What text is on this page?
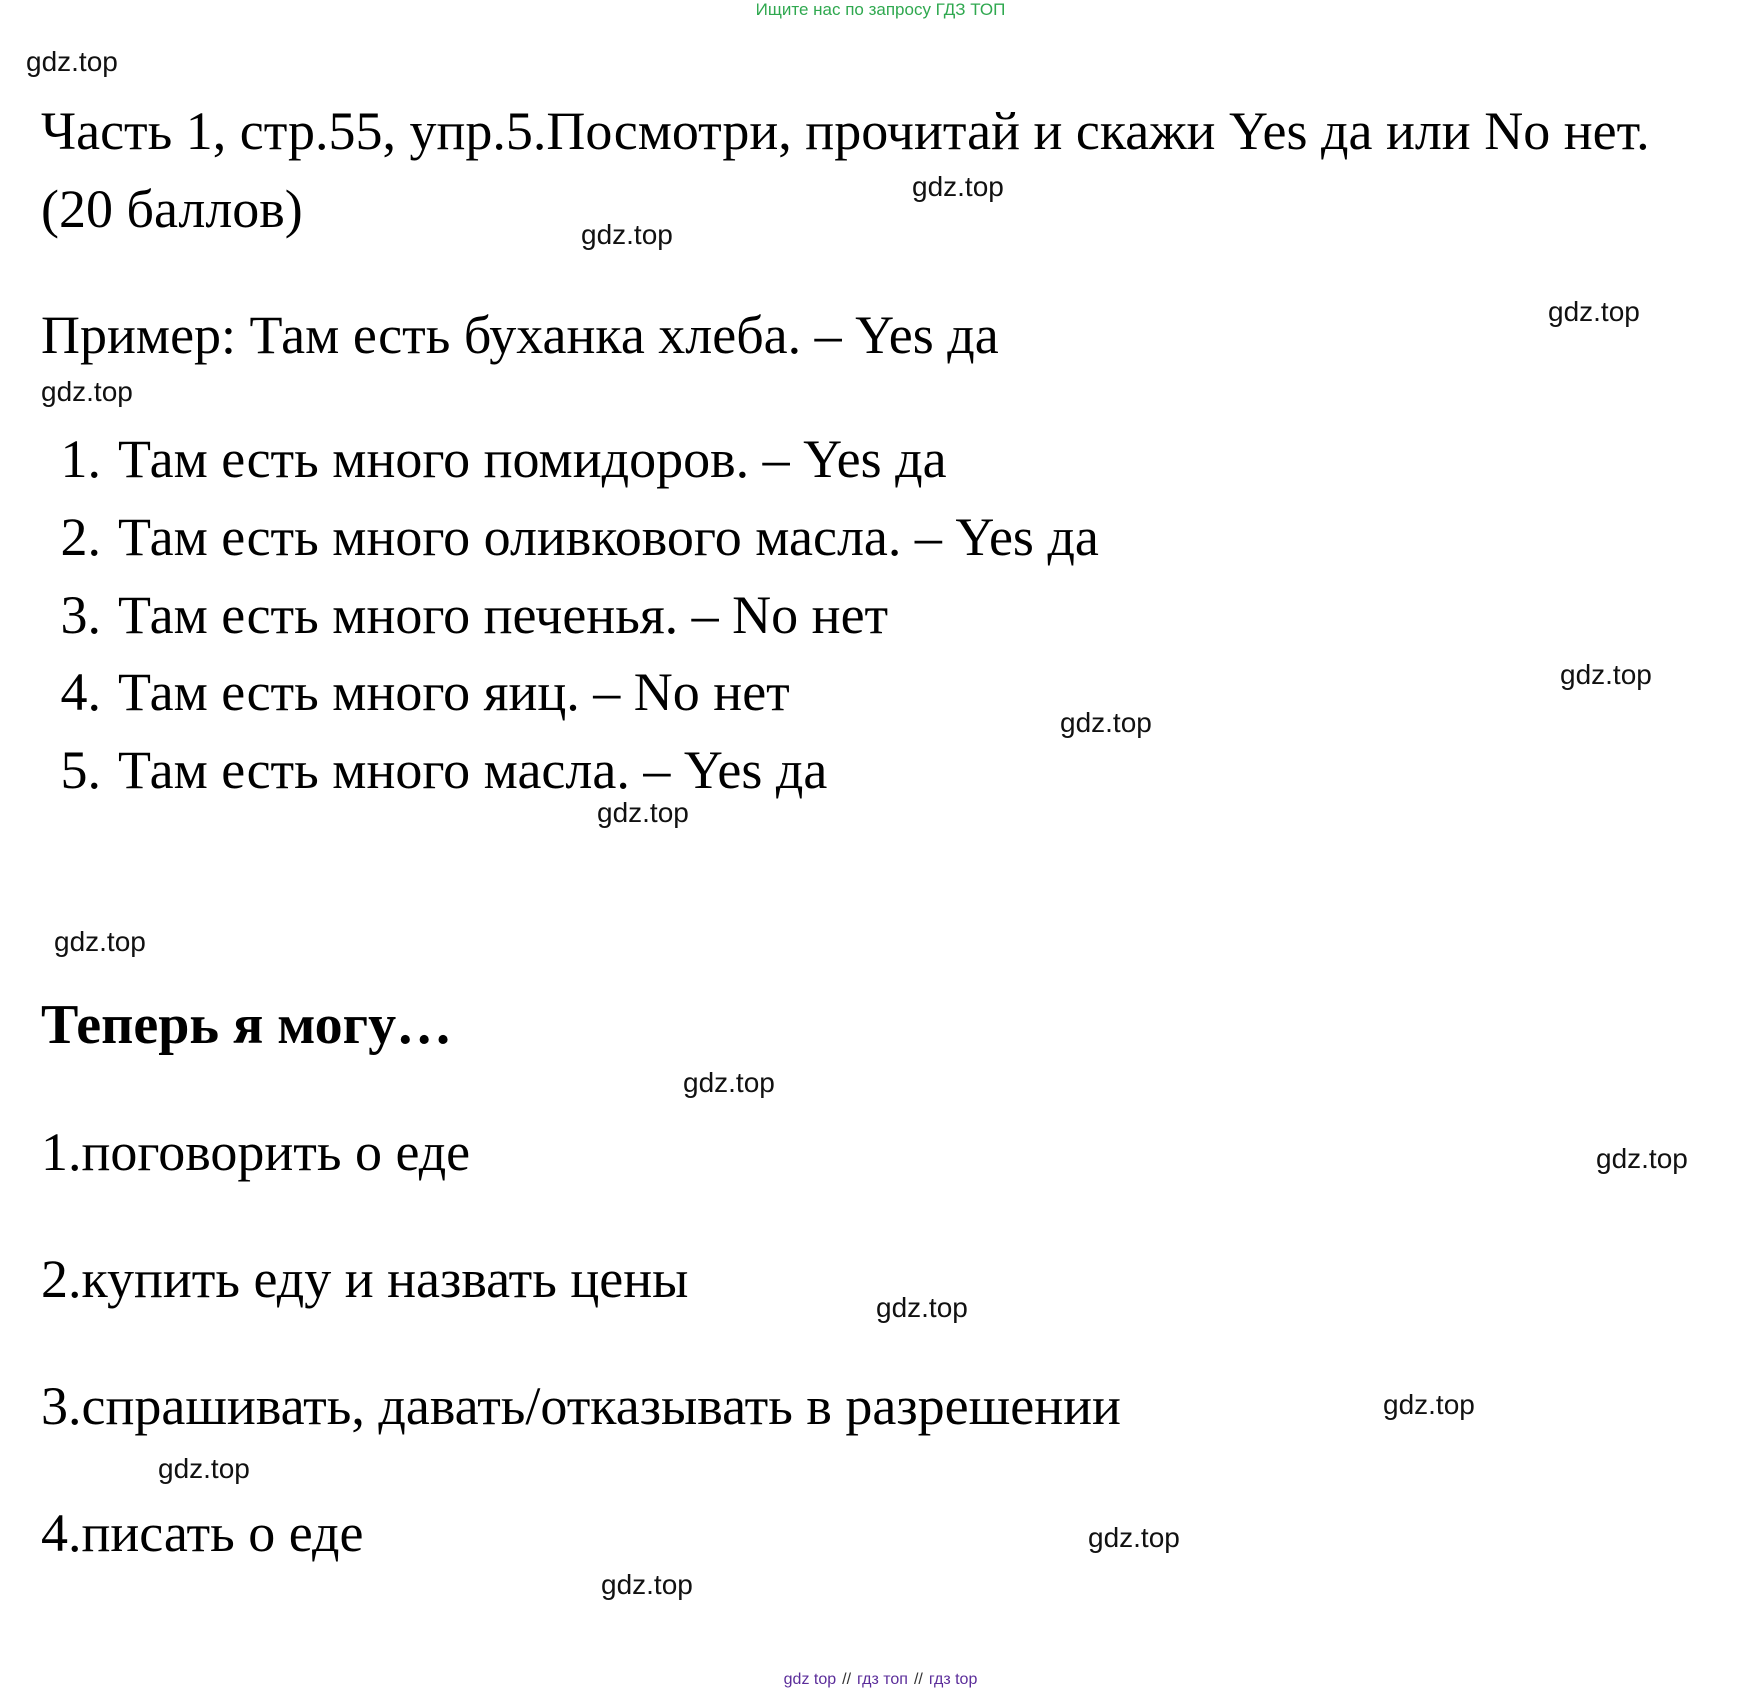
Ищите нас по запросу ГДЗ ТОП
gdz.top
Часть 1, стр.55, упр.5.Посмотри, прочитай и скажи Yes да или No нет. (20 баллов)	gdz.top
gdz.top
gdz.top
Пример: Там есть буханка хлеба. – Yes да
gdz.top
1. Там есть много помидоров. – Yes да
2. Там есть много оливкового масла. – Yes да
3. Там есть много печенья. – No нет
4. Там есть много яиц. – No нет
5. Там есть много масла. – Yes да
gdz.top
gdz.top
gdz.top
gdz.top
Теперь я могу…
gdz.top
1.поговорить о еде	gdz.top
2.купить еду и назвать цены	gdz.top
3.спрашивать, давать/отказывать в разрешении	gdz.top
gdz.top
4.писать о еде	gdz.top
gdz.top
gdz top // гдз топ // гдз top
